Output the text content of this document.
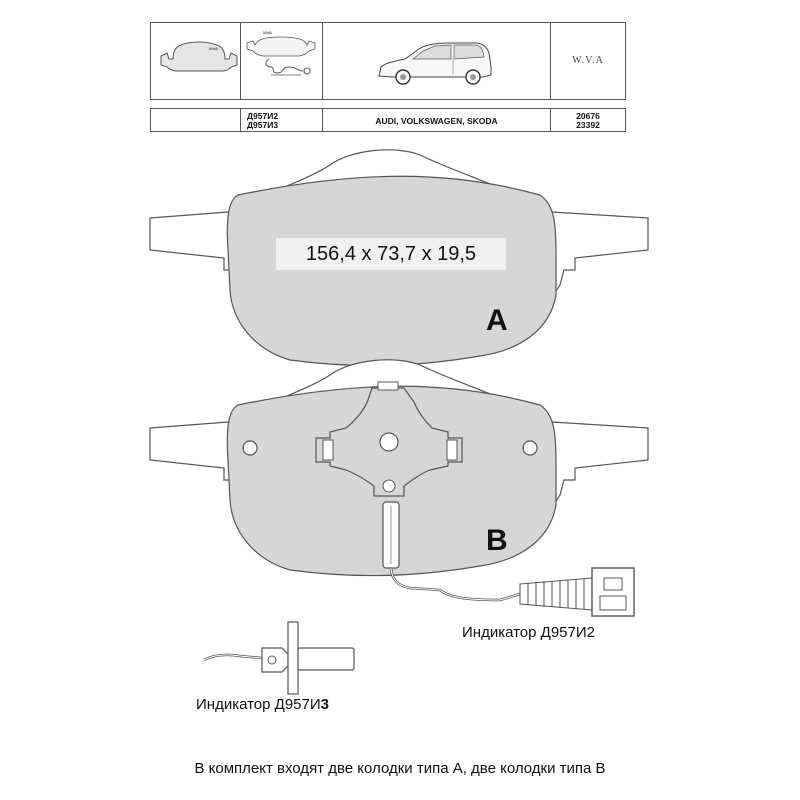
WVA
WVA
W.V.A
Д957И2
Д957И3	AUDI, VOLKSWAGEN, SKODA	20676
23392
156,4 x 73,7 x 19,5
A
B
Индикатор Д957И2
Индикатор Д957И3
В комплект входят две колодки типа А, две колодки типа В
